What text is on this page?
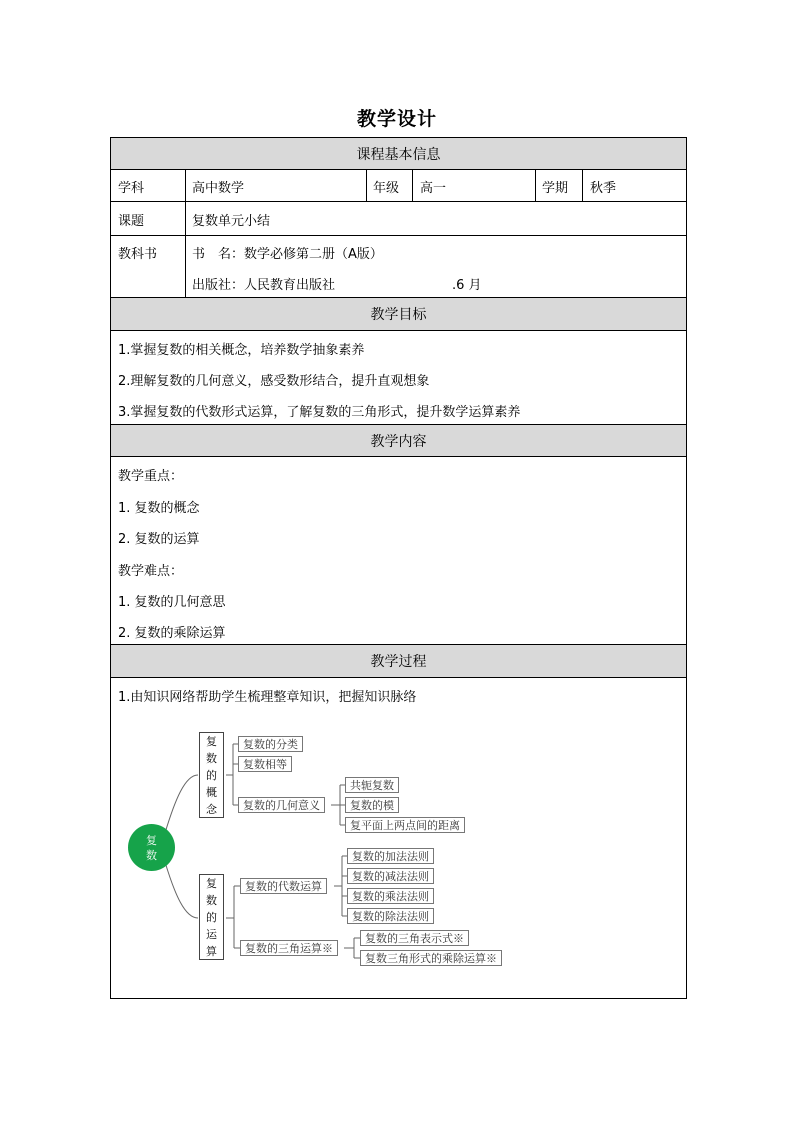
教学设计
课程基本信息
教学目标
教学内容
教学过程
学科	高中数学	年级 高一	学期 秋季
课题	复数单元小结
教科书	书　名：数学必修第二册（A版）
出版社：人民教育出版社	.6 月
1.掌握复数的相关概念，培养数学抽象素养
2.理解复数的几何意义，感受数形结合，提升直观想象
3.掌握复数的代数形式运算，了解复数的三角形式，提升数学运算素养
教学重点：
1. 复数的概念
2. 复数的运算
教学难点：
1. 复数的几何意思
2. 复数的乘除运算
1.由知识网络帮助学生梳理整章知识，把握知识脉络
复
数
复
数
的
概
念
复
数
的
运
算
复数的分类
复数相等
复数的几何意义
共轭复数
复数的模
复平面上两点间的距离
复数的代数运算
复数的加法法则
复数的减法法则
复数的乘法法则
复数的除法法则
复数的三角运算※
复数的三角表示式※
复数三角形式的乘除运算※
